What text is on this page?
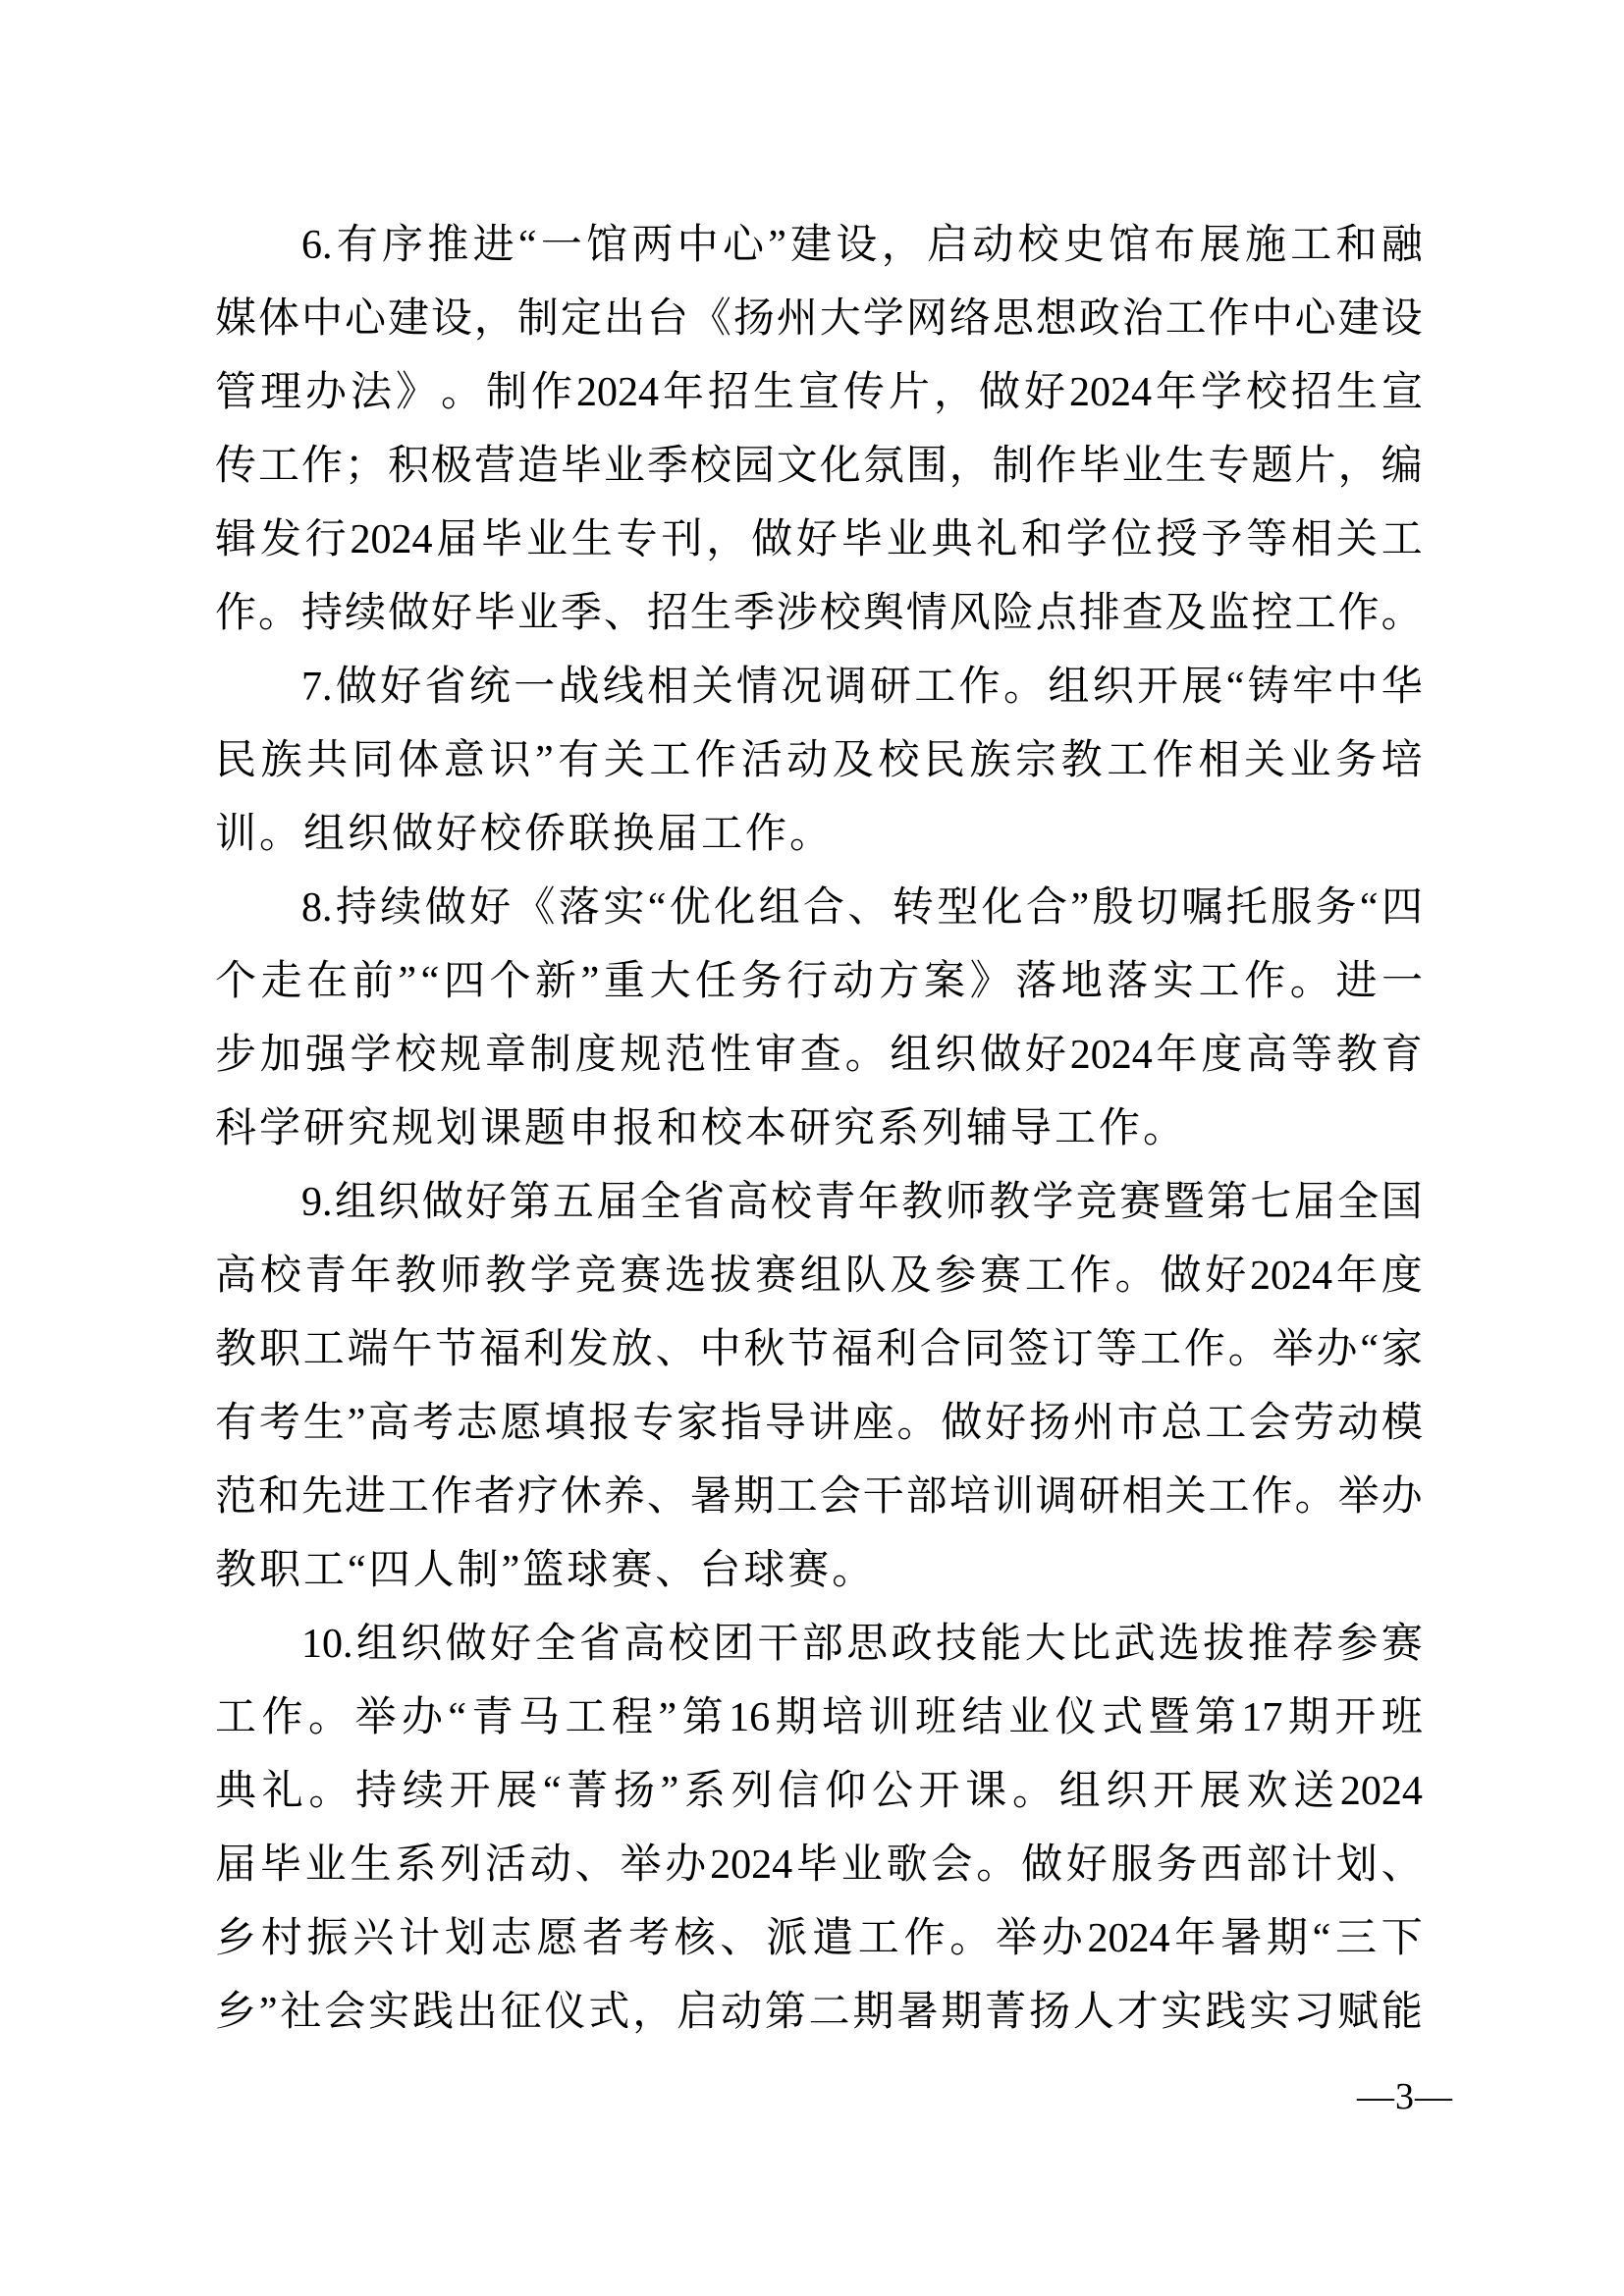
6. 有 序 推 进 “ 一 馆 两 中 心 ” 建 设 ， 启 动 校 史 馆 布 展 施 工 和 融
媒 体 中 心 建 设 ， 制 定 出 台 《 扬 州 大 学 网 络 思 想 政 治 工 作 中 心 建 设
管 理 办 法 》 。 制 作 2024 年 招 生 宣 传 片 ， 做 好 2024 年 学 校 招 生 宣
传 工 作 ； 积 极 营 造 毕 业 季 校 园 文 化 氛 围 ， 制 作 毕 业 生 专 题 片 ， 编
辑 发 行 2024 届 毕 业 生 专 刊 ， 做 好 毕 业 典 礼 和 学 位 授 予 等 相 关 工
作 。 持 续 做 好 毕 业 季 、 招 生 季 涉 校 舆 情 风 险 点 排 查 及 监 控 工 作 。
7. 做 好 省 统 一 战 线 相 关 情 况 调 研 工 作 。 组 织 开 展 “ 铸 牢 中 华
民 族 共 同 体 意 识 ” 有 关 工 作 活 动 及 校 民 族 宗 教 工 作 相 关 业 务 培
训。组织做好校侨联换届工作。
8. 持 续 做 好 《 落 实 “ 优 化 组 合 、 转 型 化 合 ” 殷 切 嘱 托 服 务 “ 四
个 走 在 前 ” “ 四 个 新 ” 重 大 任 务 行 动 方 案 》 落 地 落 实 工 作 。 进 一
步 加 强 学 校 规 章 制 度 规 范 性 审 查 。 组 织 做 好 2024 年 度 高 等 教 育
科学研究规划课题申报和校本研究系列辅导工作。
9. 组 织 做 好 第 五 届 全 省 高 校 青 年 教 师 教 学 竞 赛 暨 第 七 届 全 国
高 校 青 年 教 师 教 学 竞 赛 选 拔 赛 组 队 及 参 赛 工 作 。 做 好 2024 年 度
教 职 工 端 午 节 福 利 发 放 、 中 秋 节 福 利 合 同 签 订 等 工 作 。 举 办 “ 家
有 考 生 ” 高 考 志 愿 填 报 专 家 指 导 讲 座 。 做 好 扬 州 市 总 工 会 劳 动 模
范 和 先 进 工 作 者 疗 休 养 、 暑 期 工 会 干 部 培 训 调 研 相 关 工 作 。 举 办
教职工“四人制”篮球赛、台球赛。
10. 组 织 做 好 全 省 高 校 团 干 部 思 政 技 能 大 比 武 选 拔 推 荐 参 赛
工 作 。 举 办 “ 青 马 工 程 ” 第 16 期 培 训 班 结 业 仪 式 暨 第 17 期 开 班
典 礼 。 持 续 开 展 “ 菁 扬 ” 系 列 信 仰 公 开 课 。 组 织 开 展 欢 送 2024
届 毕 业 生 系 列 活 动 、 举 办 2024 毕 业 歌 会 。 做 好 服 务 西 部 计 划 、
乡 村 振 兴 计 划 志 愿 者 考 核 、 派 遣 工 作 。 举 办 2024 年 暑 期 “ 三 下
乡 ” 社 会 实 践 出 征 仪 式 ， 启 动 第 二 期 暑 期 菁 扬 人 才 实 践 实 习 赋 能
—3—
